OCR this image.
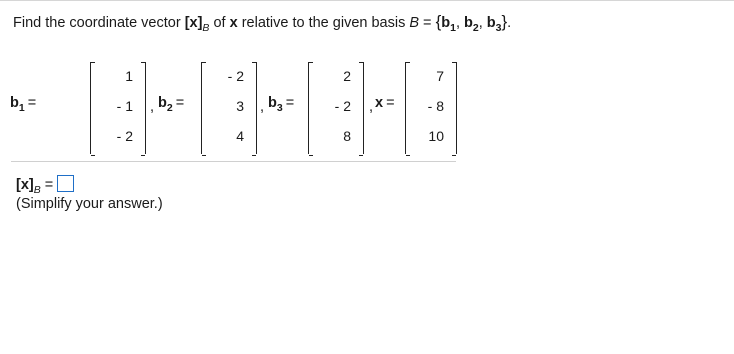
Find the coordinate vector $[x]_B$ of x relative to the given basis $B = \{b_1$, $b_2$, $b_3$}.
$b_1$ =
1
- 1
- 2
, $b_2$ =
- 2
3
4
, $b_3$ =
2
- 2
8
, x =
7
- 8
10
$[x]_B$ =
(Simplify your answer.)
